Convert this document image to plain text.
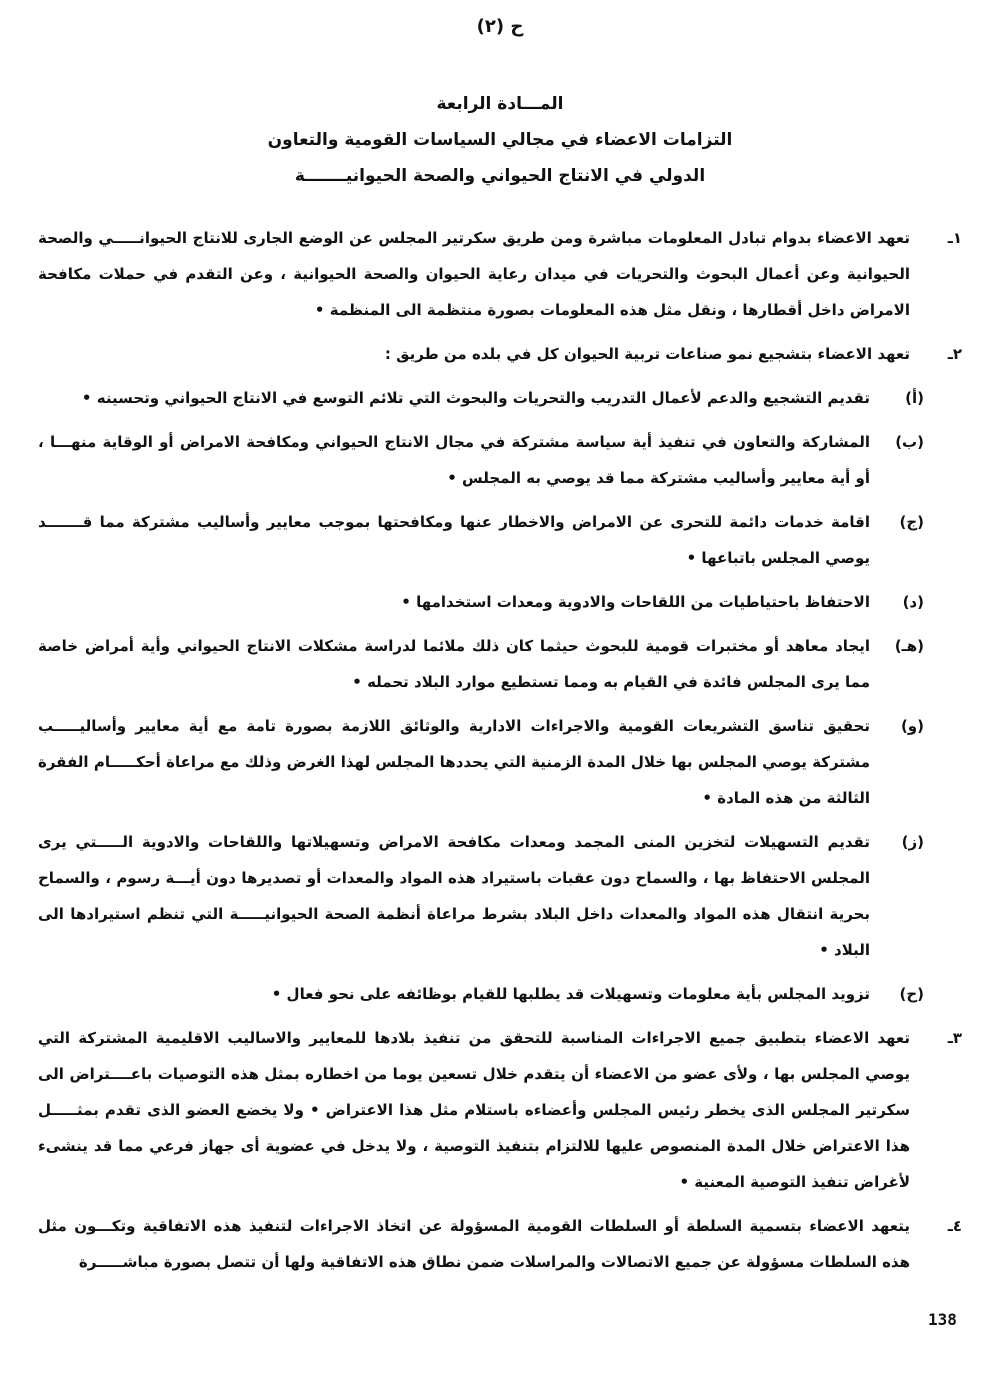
ح (٢)
المـــادة الرابعة
التزامات الاعضاء في مجالي السياسات القومية والتعاون
الدولي في الانتاج الحيواني والصحة الحيوانيـــــــة
١ـ
تعهد الاعضاء بدوام تبادل المعلومات مباشرة ومن طريق سكرتير المجلس عن الوضع الجارى للانتاج الحيوانـــــي والصحة الحيوانية وعن أعمال البحوث والتحريات في ميدان رعاية الحيوان والصحة الحيوانية ، وعن التقدم في حملات مكافحة الامراض داخل أقطارها ، ونقل مثل هذه المعلومات بصورة منتظمة الى المنظمة •
٢ـ
تعهد الاعضاء بتشجيع نمو صناعات تربية الحيوان كل في بلده من طريق :
(أ)
تقديم التشجيع والدعم لأعمال التدريب والتحريات والبحوث التي تلائم التوسع في الانتاج الحيواني وتحسينه •
(ب)
المشاركة والتعاون في تنفيذ أية سياسة مشتركة في مجال الانتاج الحيواني ومكافحة الامراض أو الوقاية منهـــا ، أو أية معايير وأساليب مشتركة مما قد يوصي به المجلس •
(ج)
اقامة خدمات دائمة للتحرى عن الامراض والاخطار عنها ومكافحتها بموجب معايير وأساليب مشتركة مما قـــــــد يوصي المجلس باتباعها •
(د)
الاحتفاظ باحتياطيات من اللقاحات والادوية ومعدات استخدامها •
(هـ)
ايجاد معاهد أو مختبرات قومية للبحوث حيثما كان ذلك ملائما لدراسة مشكلات الانتاج الحيواني وأية أمراض خاصة مما يرى المجلس فائدة في القيام به ومما تستطيع موارد البلاد تحمله •
(و)
تحقيق تناسق التشريعات القومية والاجراءات الادارية والوثائق اللازمة بصورة تامة مع أية معايير وأساليـــــب مشتركة يوصي المجلس بها خلال المدة الزمنية التي يحددها المجلس لهذا الغرض وذلك مع مراعاة أحكـــــام الفقرة الثالثة من هذه المادة •
(ز)
تقديم التسهيلات لتخزين المنى المجمد ومعدات مكافحة الامراض وتسهيلاتها واللقاحات والادوية الـــــتي يرى المجلس الاحتفاظ بها ، والسماح دون عقبات باستيراد هذه المواد والمعدات أو تصديرها دون أيـــة رسوم ، والسماح بحرية انتقال هذه المواد والمعدات داخل البلاد بشرط مراعاة أنظمة الصحة الحيوانيـــــة التي تنظم استيرادها الى البلاد •
(ح)
تزويد المجلس بأية معلومات وتسهيلات قد يطلبها للقيام بوظائفه على نحو فعال •
٣ـ
تعهد الاعضاء بتطبيق جميع الاجراءات المناسبة للتحقق من تنفيذ بلادها للمعايير والاساليب الاقليمية المشتركة التي يوصي المجلس بها ، ولأى عضو من الاعضاء أن يتقدم خلال تسعين يوما من اخطاره بمثل هذه التوصيات باعــــتراض الى سكرتير المجلس الذى يخطر رئيس المجلس وأعضاءه باستلام مثل هذا الاعتراض • ولا يخضع العضو الذى تقدم بمثـــــل هذا الاعتراض خلال المدة المنصوص عليها للالتزام بتنفيذ التوصية ، ولا يدخل في عضوية أى جهاز فرعي مما قد ينشىء لأغراض تنفيذ التوصية المعنية •
٤ـ
يتعهد الاعضاء بتسمية السلطة أو السلطات القومية المسؤولة عن اتخاذ الاجراءات لتنفيذ هذه الاتفاقية وتكـــون مثل هذه السلطات مسؤولة عن جميع الاتصالات والمراسلات ضمن نطاق هذه الاتفاقية ولها أن تتصل بصورة مباشـــــرة
138
